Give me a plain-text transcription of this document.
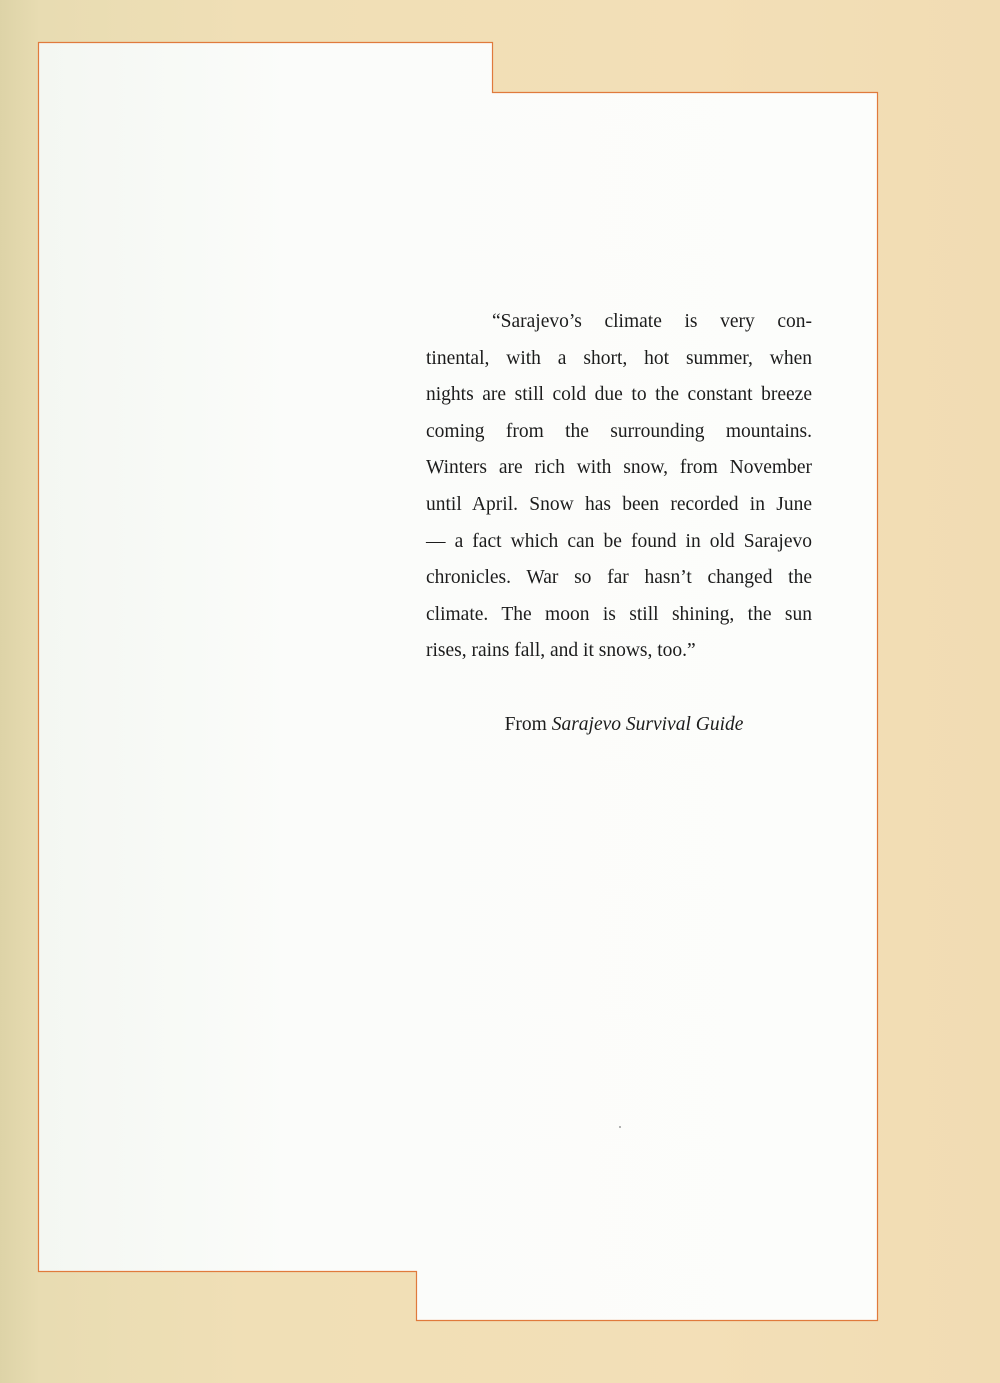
“Sarajevo’s climate is very con-
tinental, with a short, hot summer, when
nights are still cold due to the constant breeze
coming from the surrounding mountains.
Winters are rich with snow, from November
until April. Snow has been recorded in June
— a fact which can be found in old Sarajevo
chronicles. War so far hasn’t changed the
climate. The moon is still shining, the sun
rises, rains fall, and it snows, too.”

From Sarajevo Survival Guide
